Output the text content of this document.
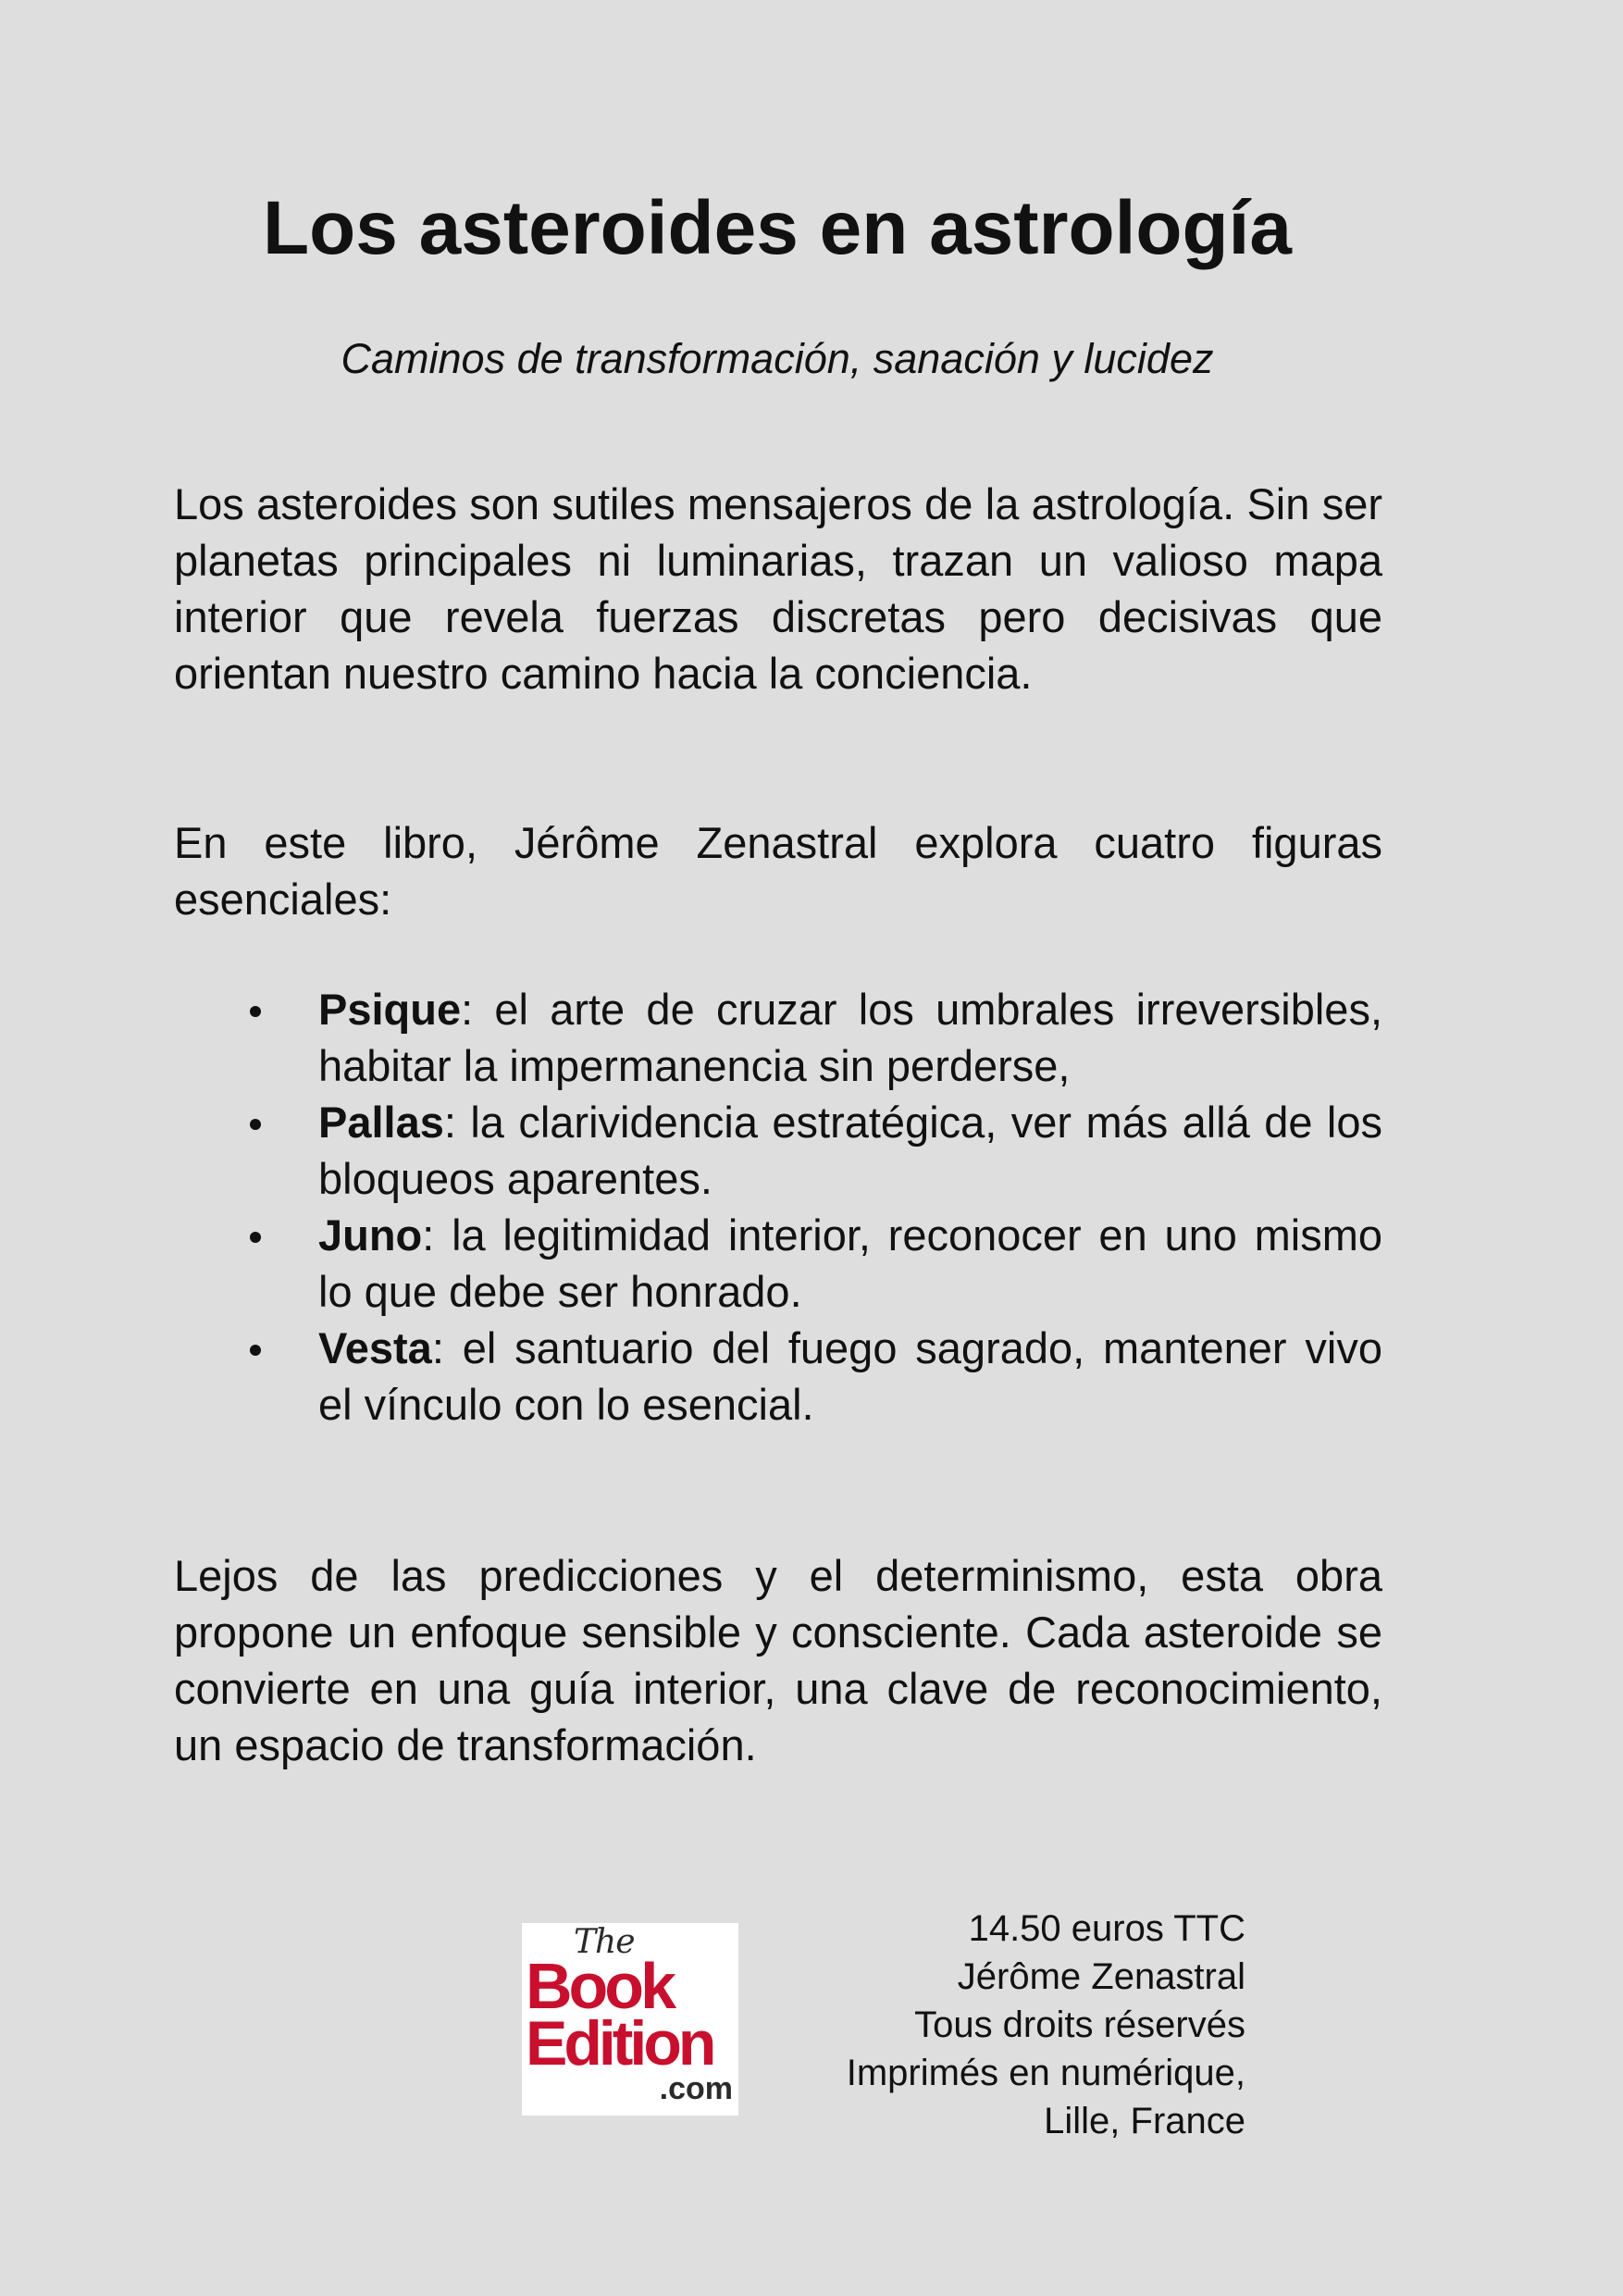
Los asteroides en astrología

Caminos de transformación, sanación y lucidez

Los asteroides son sutiles mensajeros de la astrología. Sin ser planetas principales ni luminarias, trazan un valioso mapa interior que revela fuerzas discretas pero decisivas que orientan nuestro camino hacia la conciencia.

En este libro, Jérôme Zenastral explora cuatro figuras esenciales:

Psique: el arte de cruzar los umbrales irreversibles, habitar la impermanencia sin perderse,
Pallas: la clarividencia estratégica, ver más allá de los bloqueos aparentes.
Juno: la legitimidad interior, reconocer en uno mismo lo que debe ser honrado.
Vesta: el santuario del fuego sagrado, mantener vivo el vínculo con lo esencial.

Lejos de las predicciones y el determinismo, esta obra propone un enfoque sensible y consciente. Cada asteroide se convierte en una guía interior, una clave de reconocimiento, un espacio de transformación.

The
Book
Edition
.com
14.50 euros TTC
Jérôme Zenastral
Tous droits réservés
Imprimés en numérique,
Lille, France
